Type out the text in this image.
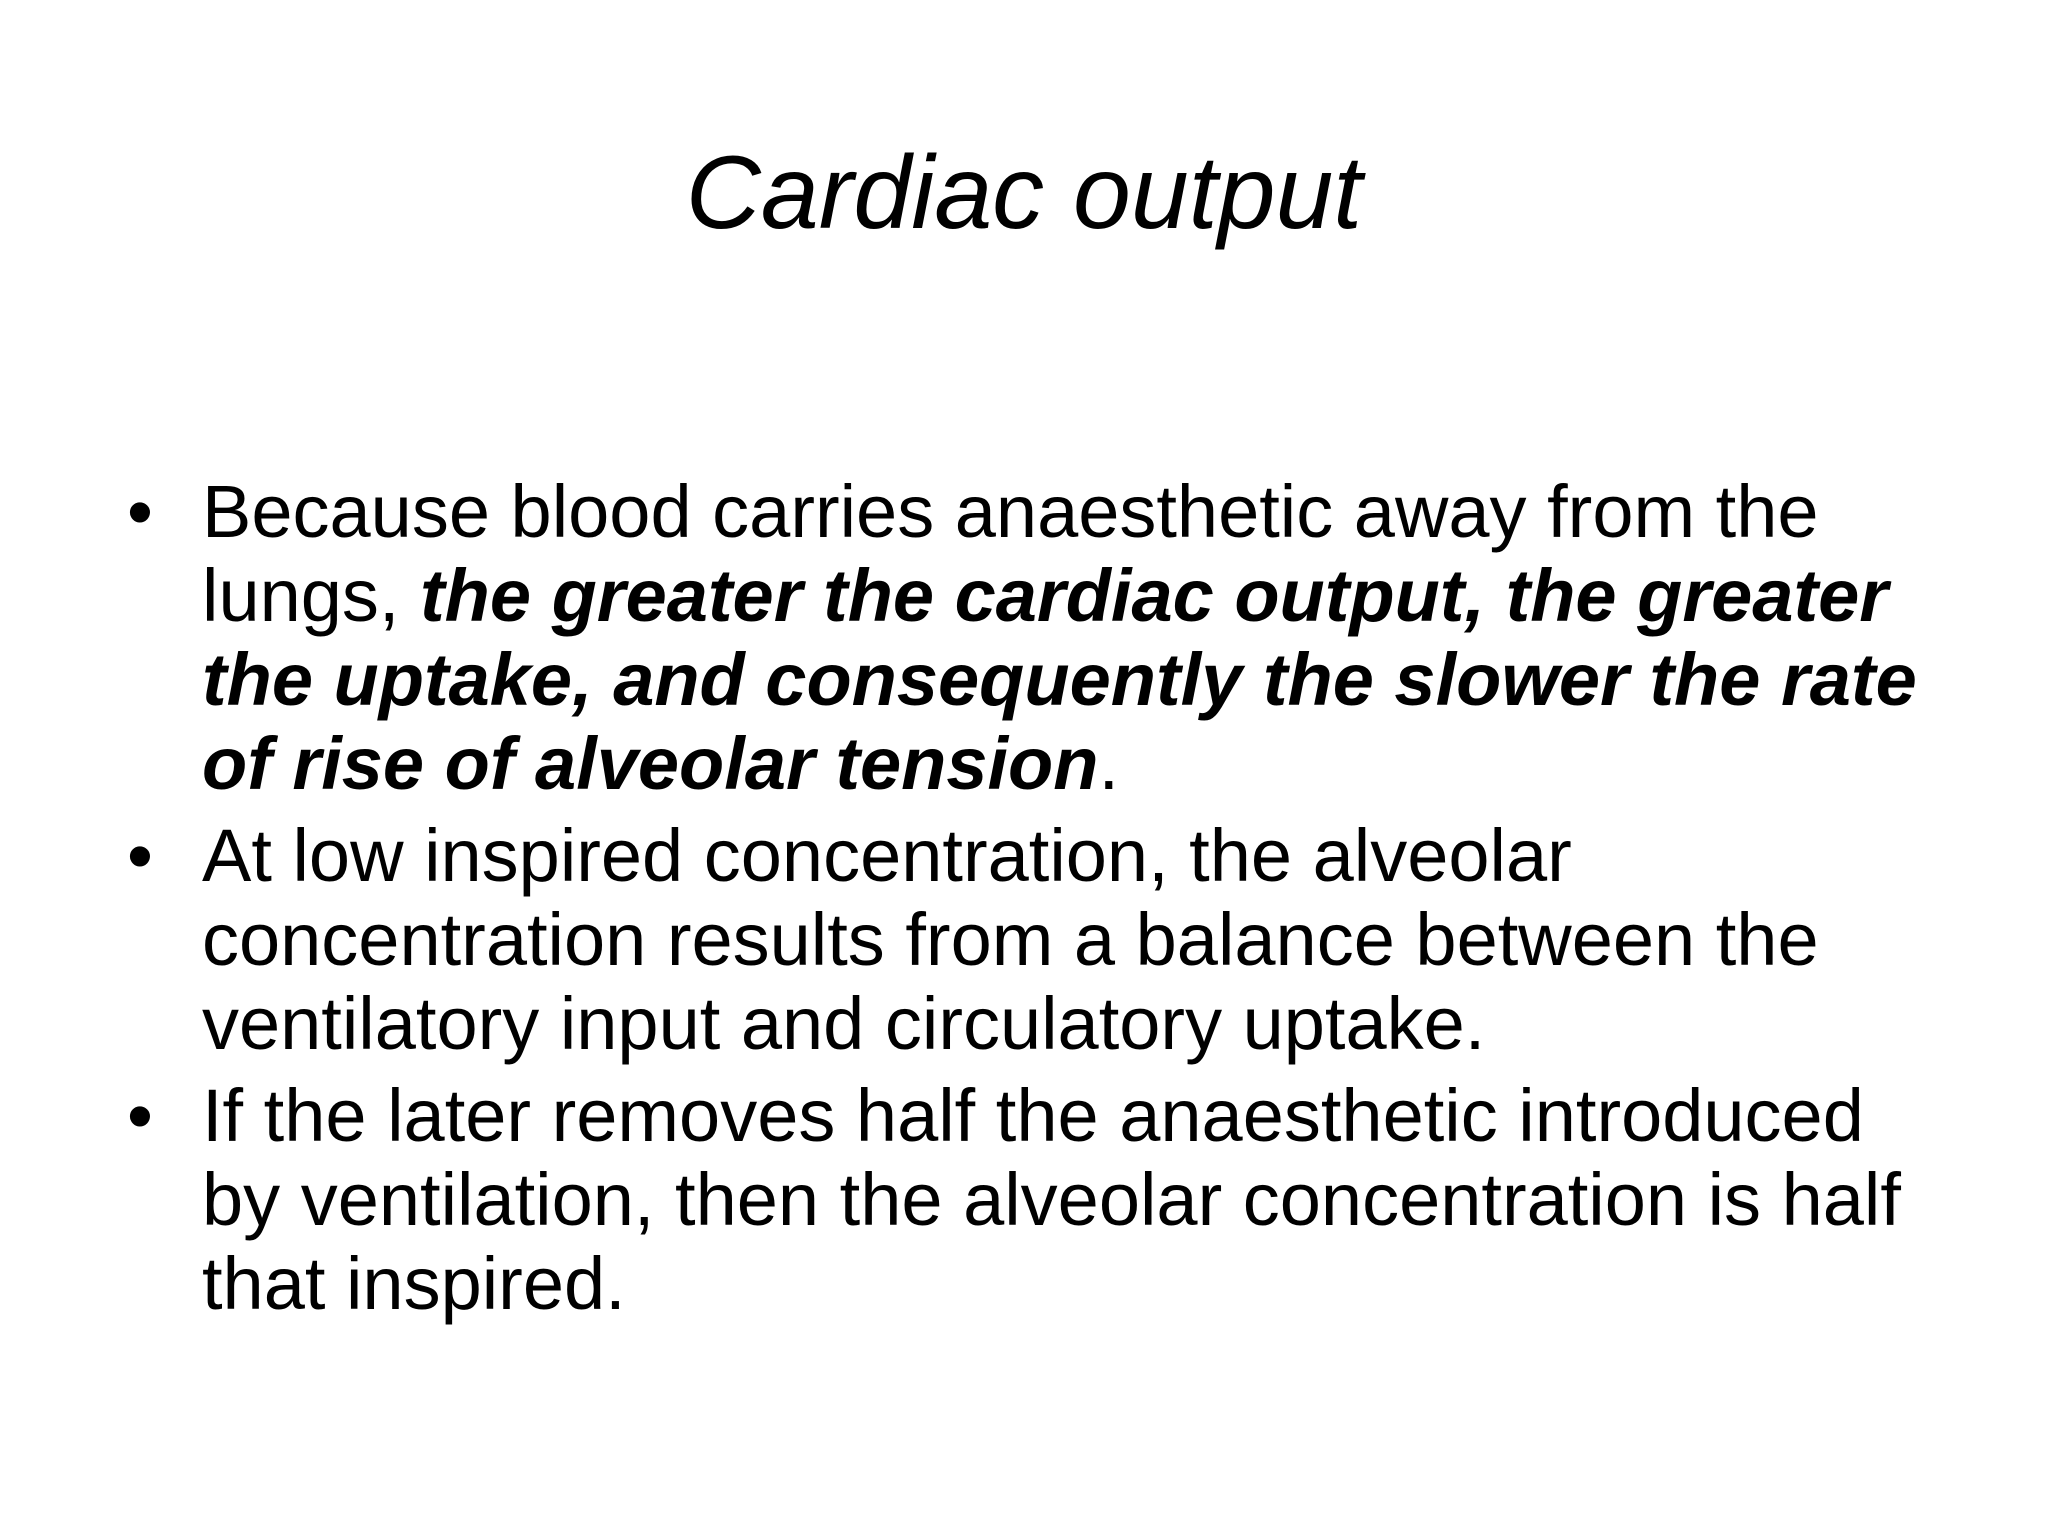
Cardiac output
• Because blood carries anaesthetic away from the lungs, the greater the cardiac output, the greater the uptake, and consequently the slower the rate of rise of alveolar tension.
• At low inspired concentration, the alveolar concentration results from a balance between the ventilatory input and circulatory uptake.
• If the later removes half the anaesthetic introduced by ventilation, then the alveolar concentration is half that inspired.
